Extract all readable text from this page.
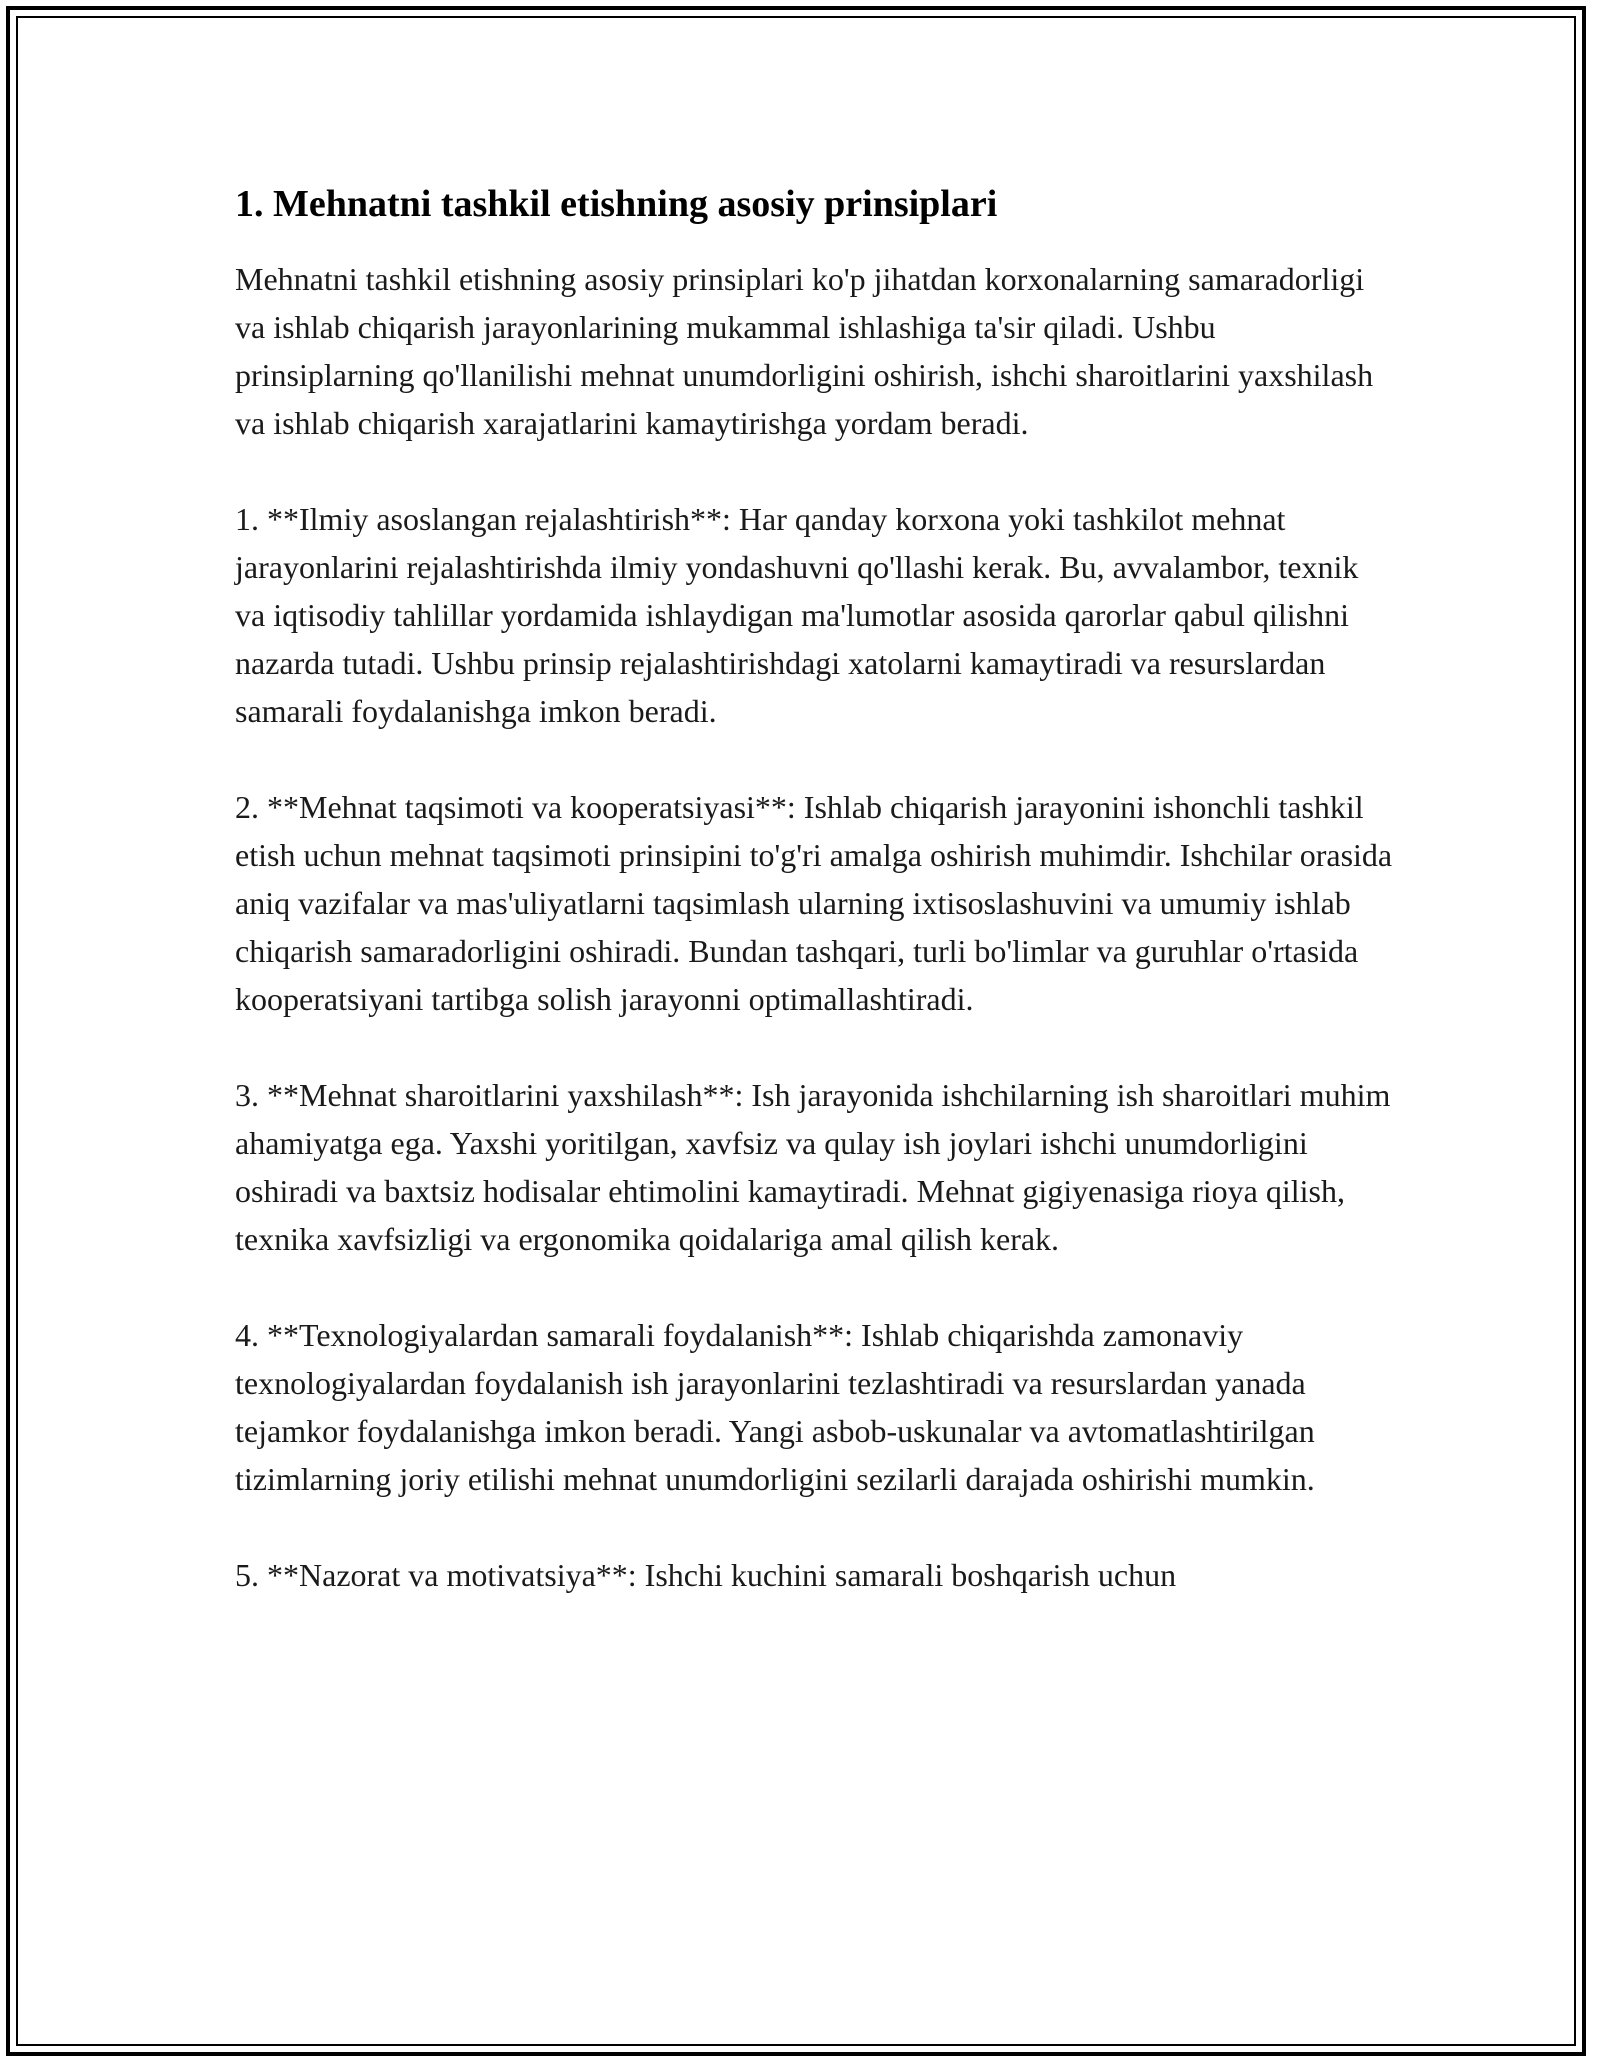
1. Mehnatni tashkil etishning asosiy prinsiplari

Mehnatni tashkil etishning asosiy prinsiplari ko'p jihatdan korxonalarning samaradorligi va ishlab chiqarish jarayonlarining mukammal ishlashiga ta'sir qiladi. Ushbu prinsiplarning qo'llanilishi mehnat unumdorligini oshirish, ishchi sharoitlarini yaxshilash va ishlab chiqarish xarajatlarini kamaytirishga yordam beradi.

1. **Ilmiy asoslangan rejalashtirish**: Har qanday korxona yoki tashkilot mehnat jarayonlarini rejalashtirishda ilmiy yondashuvni qo'llashi kerak. Bu, avvalambor, texnik va iqtisodiy tahlillar yordamida ishlaydigan ma'lumotlar asosida qarorlar qabul qilishni nazarda tutadi. Ushbu prinsip rejalashtirishdagi xatolarni kamaytiradi va resurslardan samarali foydalanishga imkon beradi.

2. **Mehnat taqsimoti va kooperatsiyasi**: Ishlab chiqarish jarayonini ishonchli tashkil etish uchun mehnat taqsimoti prinsipini to'g'ri amalga oshirish muhimdir. Ishchilar orasida aniq vazifalar va mas'uliyatlarni taqsimlash ularning ixtisoslashuvini va umumiy ishlab chiqarish samaradorligini oshiradi. Bundan tashqari, turli bo'limlar va guruhlar o'rtasida kooperatsiyani tartibga solish jarayonni optimallashtiradi.

3. **Mehnat sharoitlarini yaxshilash**: Ish jarayonida ishchilarning ish sharoitlari muhim ahamiyatga ega. Yaxshi yoritilgan, xavfsiz va qulay ish joylari ishchi unumdorligini oshiradi va baxtsiz hodisalar ehtimolini kamaytiradi. Mehnat gigiyenasiga rioya qilish, texnika xavfsizligi va ergonomika qoidalariga amal qilish kerak.

4. **Texnologiyalardan samarali foydalanish**: Ishlab chiqarishda zamonaviy texnologiyalardan foydalanish ish jarayonlarini tezlashtiradi va resurslardan yanada tejamkor foydalanishga imkon beradi. Yangi asbob-uskunalar va avtomatlashtirilgan tizimlarning joriy etilishi mehnat unumdorligini sezilarli darajada oshirishi mumkin.

5. **Nazorat va motivatsiya**: Ishchi kuchini samarali boshqarish uchun
